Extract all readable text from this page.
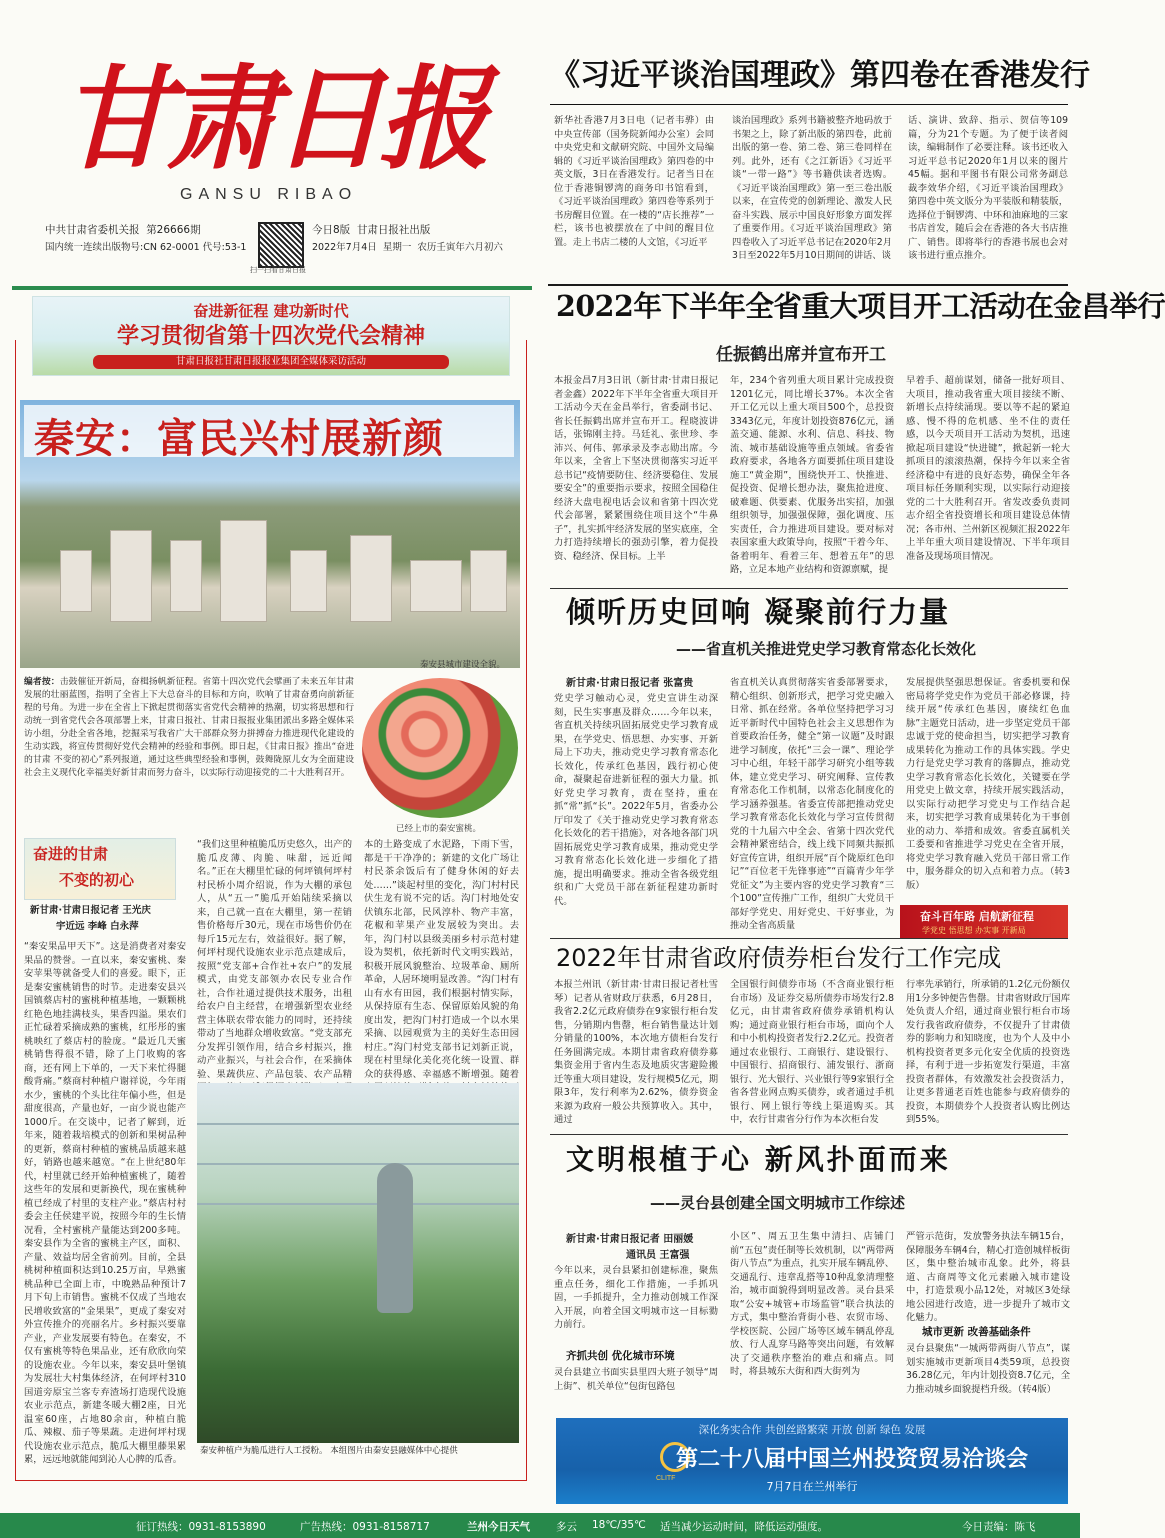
甘肃日报
GANSU RIBAO
中共甘肃省委机关报 第26666期
国内统一连续出版物号:CN 62-0001 代号:53-1
扫一扫看甘肃日报
今日8版 甘肃日报社出版
2022年7月4日 星期一 农历壬寅年六月初六
《习近平谈治国理政》第四卷在香港发行
新华社香港7月3日电（记者韦骅）由中央宣传部（国务院新闻办公室）会同中央党史和文献研究院、中国外文局编辑的《习近平谈治国理政》第四卷的中英文版，3日在香港发行。记者当日在位于香港铜锣湾的商务印书馆看到，《习近平谈治国理政》第四卷等系列于书房醒目位置。在一楼的“店长推荐”一栏，该书也被摆放在了中间的醒目位置。走上书店二楼的人文馆，《习近平
谈治国理政》系列书籍被整齐地码放于书架之上，除了新出版的第四卷，此前出版的第一卷、第二卷、第三卷同样在列。此外，还有《之江新语》《习近平谈“一带一路”》等书籍供读者选购。《习近平谈治国理政》第一至三卷出版以来，在宣传党的创新理论、激发人民奋斗实践、展示中国良好形象方面发挥了重要作用。《习近平谈治国理政》第四卷收入了习近平总书记在2020年2月3日至2022年5月10日期间的讲话、谈
话、演讲、致辞、指示、贺信等109篇，分为21个专题。为了便于读者阅读，编辑制作了必要注释。该书还收入习近平总书记2020年1月以来的图片45幅。据和平图书有限公司常务副总裁李效华介绍，《习近平谈治国理政》第四卷中英文版分为平装版和精装版，选择位于铜锣湾、中环和油麻地的三家书店首发，随后会在香港的各大书店推广、销售。即将举行的香港书展也会对该书进行重点推介。
2022年下半年全省重大项目开工活动在金昌举行
任振鹤出席并宣布开工
本报金昌7月3日讯（新甘肃·甘肃日报记者金鑫）2022年下半年全省重大项目开工活动今天在金昌举行，省委副书记、省长任振鹤出席并宣布开工。程晓波讲话，张锦刚主持。马廷礼、张世珍、李沛兴、何伟、郭承录及李志勋出席。今年以来，全省上下坚决贯彻落实习近平总书记“疫情要防住、经济要稳住、发展要安全”的重要指示要求，按照全国稳住经济大盘电视电话会议和省第十四次党代会部署，紧紧围绕住项目这个“牛鼻子”，扎实抓牢经济发展的坚实底座，全力打造持续增长的强劲引擎，着力促投资、稳经济、保目标。上半
年，234个省列重大项目累计完成投资1201亿元，同比增长37%。本次全省开工亿元以上重大项目500个，总投资3343亿元，年度计划投资876亿元，涵盖交通、能源、水利、信息、科技、物流、城市基础设施等重点领域。省委省政府要求，各地各方面要抓住项目建设施工“黄金期”，围绕快开工、快推进、促投资、促增长想办法，聚焦抢进度、破难题、供要素、优服务出实招，加强组织领导，加强强保障，强化调度、压实责任，合力推进项目建设。要对标对表国家重大政策导向，按照“干着今年、备着明年、看着三年、想着五年”的思路，立足本地产业结构和资源禀赋，提
早着手、超前谋划，储备一批好项目、大项目，推动我省重大项目接续不断、新增长点持续涌现。要以等不起的紧迫感、慢不得的危机感、坐不住的责任感，以今天项目开工活动为契机，迅速掀起项目建设“快进键”，掀起新一轮大抓项目的滚滚热潮，保持今年以来全省经济稳中有进的良好态势，确保全年各项目标任务顺利实现，以实际行动迎接党的二十大胜利召开。省发改委负责同志介绍全省投资增长和项目建设总体情况；各市州、兰州新区视频汇报2022年上半年重大项目建设情况、下半年项目准备及现场项目情况。
倾听历史回响 凝聚前行力量
——省直机关推进党史学习教育常态化长效化
新甘肃·甘肃日报记者 张富贵
党史学习触动心灵，党史宣讲生动深刻，民生实事惠及群众……今年以来，省直机关持续巩固拓展党史学习教育成果，在学党史、悟思想、办实事、开新局上下功夫，推动党史学习教育常态化长效化，传承红色基因，践行初心使命，凝聚起奋进新征程的强大力量。抓好党史学习教育，责在坚持，重在抓“常”抓“长”。2022年5月，省委办公厅印发了《关于推动党史学习教育常态化长效化的若干措施》，对各地各部门巩固拓展党史学习教育成果，推动党史学习教育常态化长效化进一步细化了措施，提出明确要求。推动全省各级党组织和广大党员干部在新征程建功新时代。
省直机关认真贯彻落实省委部署要求，精心组织、创新形式，把学习党史融入日常、抓在经常。各单位坚持把学习习近平新时代中国特色社会主义思想作为首要政治任务，健全“第一议题”及时跟进学习制度，依托“三会一课”、理论学习中心组，年轻干部学习研究小组等载体，建立党史学习、研究阐释、宣传教育常态化工作机制，以常态化制度化的学习涵养强基。省委宣传部把推动党史学习教育常态化长效化与学习宣传贯彻党的十九届六中全会、省第十四次党代会精神紧密结合，线上线下同频共振抓好宣传宣讲，组织开展“百个陇原红色印记”“百位老干先锋事迹”“百篇青少年学党征文”为主要内容的党史学习教育“三个100”宣传推广工作，组织广大党员干部好学党史、用好党史、干好事业，为推动全省高质量
发展提供坚强思想保证。省委机要和保密局将学党史作为党员干部必修课，持续开展“传承红色基因，赓续红色血脉”主题党日活动，进一步坚定党员干部忠诚于党的使命担当，切实把学习教育成果转化为推动工作的具体实践。学史力行是党史学习教育的落脚点，推动党史学习教育常态化长效化，关键要在学用党史上做文章，持续开展实践活动，以实际行动把学习党史与工作结合起来，切实把学习教育成果转化为干事创业的动力、举措和成效。省委直属机关工委要和省推进学习党史在全省开展，将党史学习教育融入党员干部日常工作中，服务群众的切入点和着力点。（转3版）
奋斗百年路 启航新征程
学党史 悟思想 办实事 开新局
2022年甘肃省政府债券柜台发行工作完成
本报兰州讯（新甘肃·甘肃日报记者杜雪琴）记者从省财政厅获悉，6月28日，我省2.2亿元政府债券在9家银行柜台发售，分销期内售罄，柜台销售量达计划分销量的100%，本次地方债柜台发行任务圆满完成。本期甘肃省政府债券募集资金用于省内生态及地质灾害避险搬迁等重大项目建设，发行规模5亿元，期限3年，发行利率为2.62%，债券资金来源为政府一般公共预算收入。其中，通过
全国银行间债券市场（不含商业银行柜台市场）及证券交易所债券市场发行2.8亿元，由甘肃省政府债券承销机构认购；通过商业银行柜台市场，面向个人和中小机构投资者发行2.2亿元。投资者通过农业银行、工商银行、建设银行、中国银行、招商银行、浦发银行、浙商银行、光大银行、兴业银行等9家银行全省各营业网点购买债券，或者通过手机银行、网上银行等线上渠道购买。其中，农行甘肃省分行作为本次柜台发
行率先承销行，所承销的1.2亿元份额仅用1分多钟便告售罄。甘肃省财政厅国库处负责人介绍，通过商业银行柜台市场发行我省政府债券，不仅提升了甘肃债券的影响力和知晓度，也为个人及中小机构投资者更多元化安全优质的投资选择，有利于进一步拓宽发行渠道，丰富投资者群体，有效激发社会投资活力，让更多普通老百姓也能参与政府债券的投资，本期债券个人投资者认购比例达到55%。
文明根植于心 新风扑面而来
——灵台县创建全国文明城市工作综述
新甘肃·甘肃日报记者 田丽媛
通讯员 王富强
今年以来，灵台县紧扣创建标准，聚焦重点任务，细化工作措施，一手抓巩固，一手抓提升，全力推动创城工作深入开展，向着全国文明城市这一目标勠力前行。
齐抓共创 优化城市环境
灵台县建立书面实县里四大班子领导“周上街”、机关单位“包街包路包
小区”、周五卫生集中清扫、店铺门前“五包”责任制等长效机制，以“两带两街八节点”为重点，扎实开展车辆乱停、交通乱行、违章乱搭等10种乱象清理整治，城市面貌得到明显改善。灵台县采取“公安+城管+市场监管”联合执法的方式，集中整治背街小巷、农贸市场、学校医院、公园广场等区域车辆乱停乱放、行人乱穿马路等突出问题，有效解决了交通秩序整治的难点和痛点。同时，将县城东大街和西大街列为
严管示范街，发放警务执法车辆15台，保障服务车辆4台，精心打造创城样板街区，集中整治城市乱象。此外，将县道、古商周等文化元素融入城市建设中，打造景观小品12处，对城区3处绿地公园进行改造，进一步提升了城市文化魅力。
城市更新 改善基础条件
灵台县聚焦“一城两带两街八节点”，谋划实施城市更新项目4类59项，总投资36.28亿元，年内计划投资8.7亿元，全力推动城乡面貌提档升级。（转4版）
深化务实合作 共创丝路繁荣 开放 创新 绿色 发展
CLITF
第二十八届中国兰州投资贸易洽谈会
7月7日在兰州举行
奋进新征程 建功新时代
学习贯彻省第十四次党代会精神
甘肃日报社甘肃日报报业集团全媒体采访活动
秦安：富民兴村展新颜
秦安县城市建设全貌。
编者按：击鼓催征开新局，奋楫扬帆新征程。省第十四次党代会擘画了未来五年甘肃发展的壮丽蓝图，指明了全省上下大总奋斗的目标和方向，吹响了甘肃奋勇向前新征程的号角。为进一步在全省上下掀起贯彻落实省党代会精神的热潮，切实将思想和行动统一到省党代会各项部署上来，甘肃日报社、甘肃日报报业集团派出多路全媒体采访小组，分赴全省各地，挖掘采写我省广大干部群众努力拼搏奋力推进现代化建设的生动实践，将宣传贯彻好党代会精神的经验和事例。即日起，《甘肃日报》推出“奋进的甘肃 不变的初心”系列报道，通过这些典型经验和事例，鼓舞陇原儿女为全面建设社会主义现代化幸福美好新甘肃而努力奋斗，以实际行动迎接党的二十大胜利召开。
已经上市的秦安蜜桃。
奋进的甘肃
不变的初心
新甘肃·甘肃日报记者 王光庆
宇近远 李峰 白永萍
“秦安果品甲天下”。这是消费者对秦安果品的赞誉。一直以来，秦安蜜桃、秦安苹果等就备受人们的喜爱。眼下，正是秦安蜜桃销售的时节。走进秦安县兴国镇蔡店村的蜜桃种植基地，一颗颗桃红艳色地挂满枝头，果香四溢。果农们正忙碌着采摘成熟的蜜桃，红彤彤的蜜桃映红了蔡店村的脸庞。“最近几天蜜桃销售得很不错，除了上门收购的客商，还有网上下单的，一天下来忙得腿酸背痛。”蔡商村种植户谢祥说，今年雨水少，蜜桃的个头比往年偏小些，但是甜度很高，产量也好，一亩少说也能产1000斤。在交谈中，记者了解到，近年来，随着栽培模式的创新和果树品种的更新，蔡商村种植的蜜桃品质越来越好，销路也越来越宽。“在上世纪80年代，村里就已经开始种植蜜桃了，随着这些年的发展和更新换代，现在蜜桃种植已经成了村里的支柱产业。”蔡店村村委会主任侯建平说，按照今年的生长情况看，全村蜜桃产量能达到200多吨。秦安县作为全省的蜜桃主产区，面积、产量、效益均居全省前列。目前，全县桃树种植面积达到10.25万亩，早熟蜜桃品种已全面上市，中晚熟品种预计7月下旬上市销售。蜜桃不仅成了当地农民增收致富的“金果果”，更成了秦安对外宣传推介的亮丽名片。乡村振兴要靠产业，产业发展要有特色。在秦安，不仅有蜜桃等特色果品业，还有欣欣向荣的设施农业。今年以来，秦安县叶堡镇为发展壮大村集体经济，在何坪村310国道旁原宝兰客专弃渣场打造现代设施农业示范点，新建冬暖大棚2座，日光温室60座，占地80余亩，种植白脆瓜、辣椒、茄子等果蔬。走进何坪村现代设施农业示范点，脆瓜大棚里藤果累累，远远地就能闻到沁人心脾的瓜香。
“我们这里种植脆瓜历史悠久，出产的脆瓜皮薄、肉脆、味甜，远近闻名。”正在大棚里忙碌的何坪镇何坪村村民桥小周介绍说，作为大棚的承包人，从“五一”脆瓜开始陆续采摘以来，自己就一直在大棚里，第一茬销售价格每斤30元，现在市场售价仍在每斤15元左右，效益很好。据了解，何坪村现代设施农业示范点建成后，按照“党支部+合作社+农户”的发展模式，由党支部领办农民专业合作社，合作社通过提供技术服务，出租给农户自主经营，在增强新型农业经营主体联农带农能力的同时，还持续带动了当地群众增收致富。“党支部充分发挥引领作用，结合乡村振兴，推动产业振兴，与社会合作，在采摘体验、果蔬供应、产品包装、农产品精
本的土路变成了水泥路，下雨下雪，都是干干净净的；新建的文化广场让村民茶余饭后有了健身休闲的好去处……”谈起村里的变化，沟门村村民伏生龙有说不完的话。沟门村地处安伏镇东北部，民风淳朴、物产丰富，花椒和苹果产业发展较为突出。去年，沟门村以县级美丽乡村示范村建设为契机，依托新时代文明实践站，积极开展风貌整治、垃圾革命、厕所革命，人居环境明显改善。“沟门村有山有水有田园，我们根据村情实际，从保持原有生态、保留原始风貌的角度出发，把沟门村打造成一个以水果采摘、以园观赏为主的美好生态田园村庄。”沟门村党支部书记刘新正说，现在村里绿化美化亮化统一设置、群众的获得感、幸福感不断增强。随着
秦安种植户为脆瓜进行人工授粉。 本组图片由秦安县融媒体中心提供
征订热线：0931-8153890	广告热线：0931-8158717	兰州今日天气 多云 18℃/35℃ 适当减少运动时间，降低运动强度。	今日责编：陈飞
